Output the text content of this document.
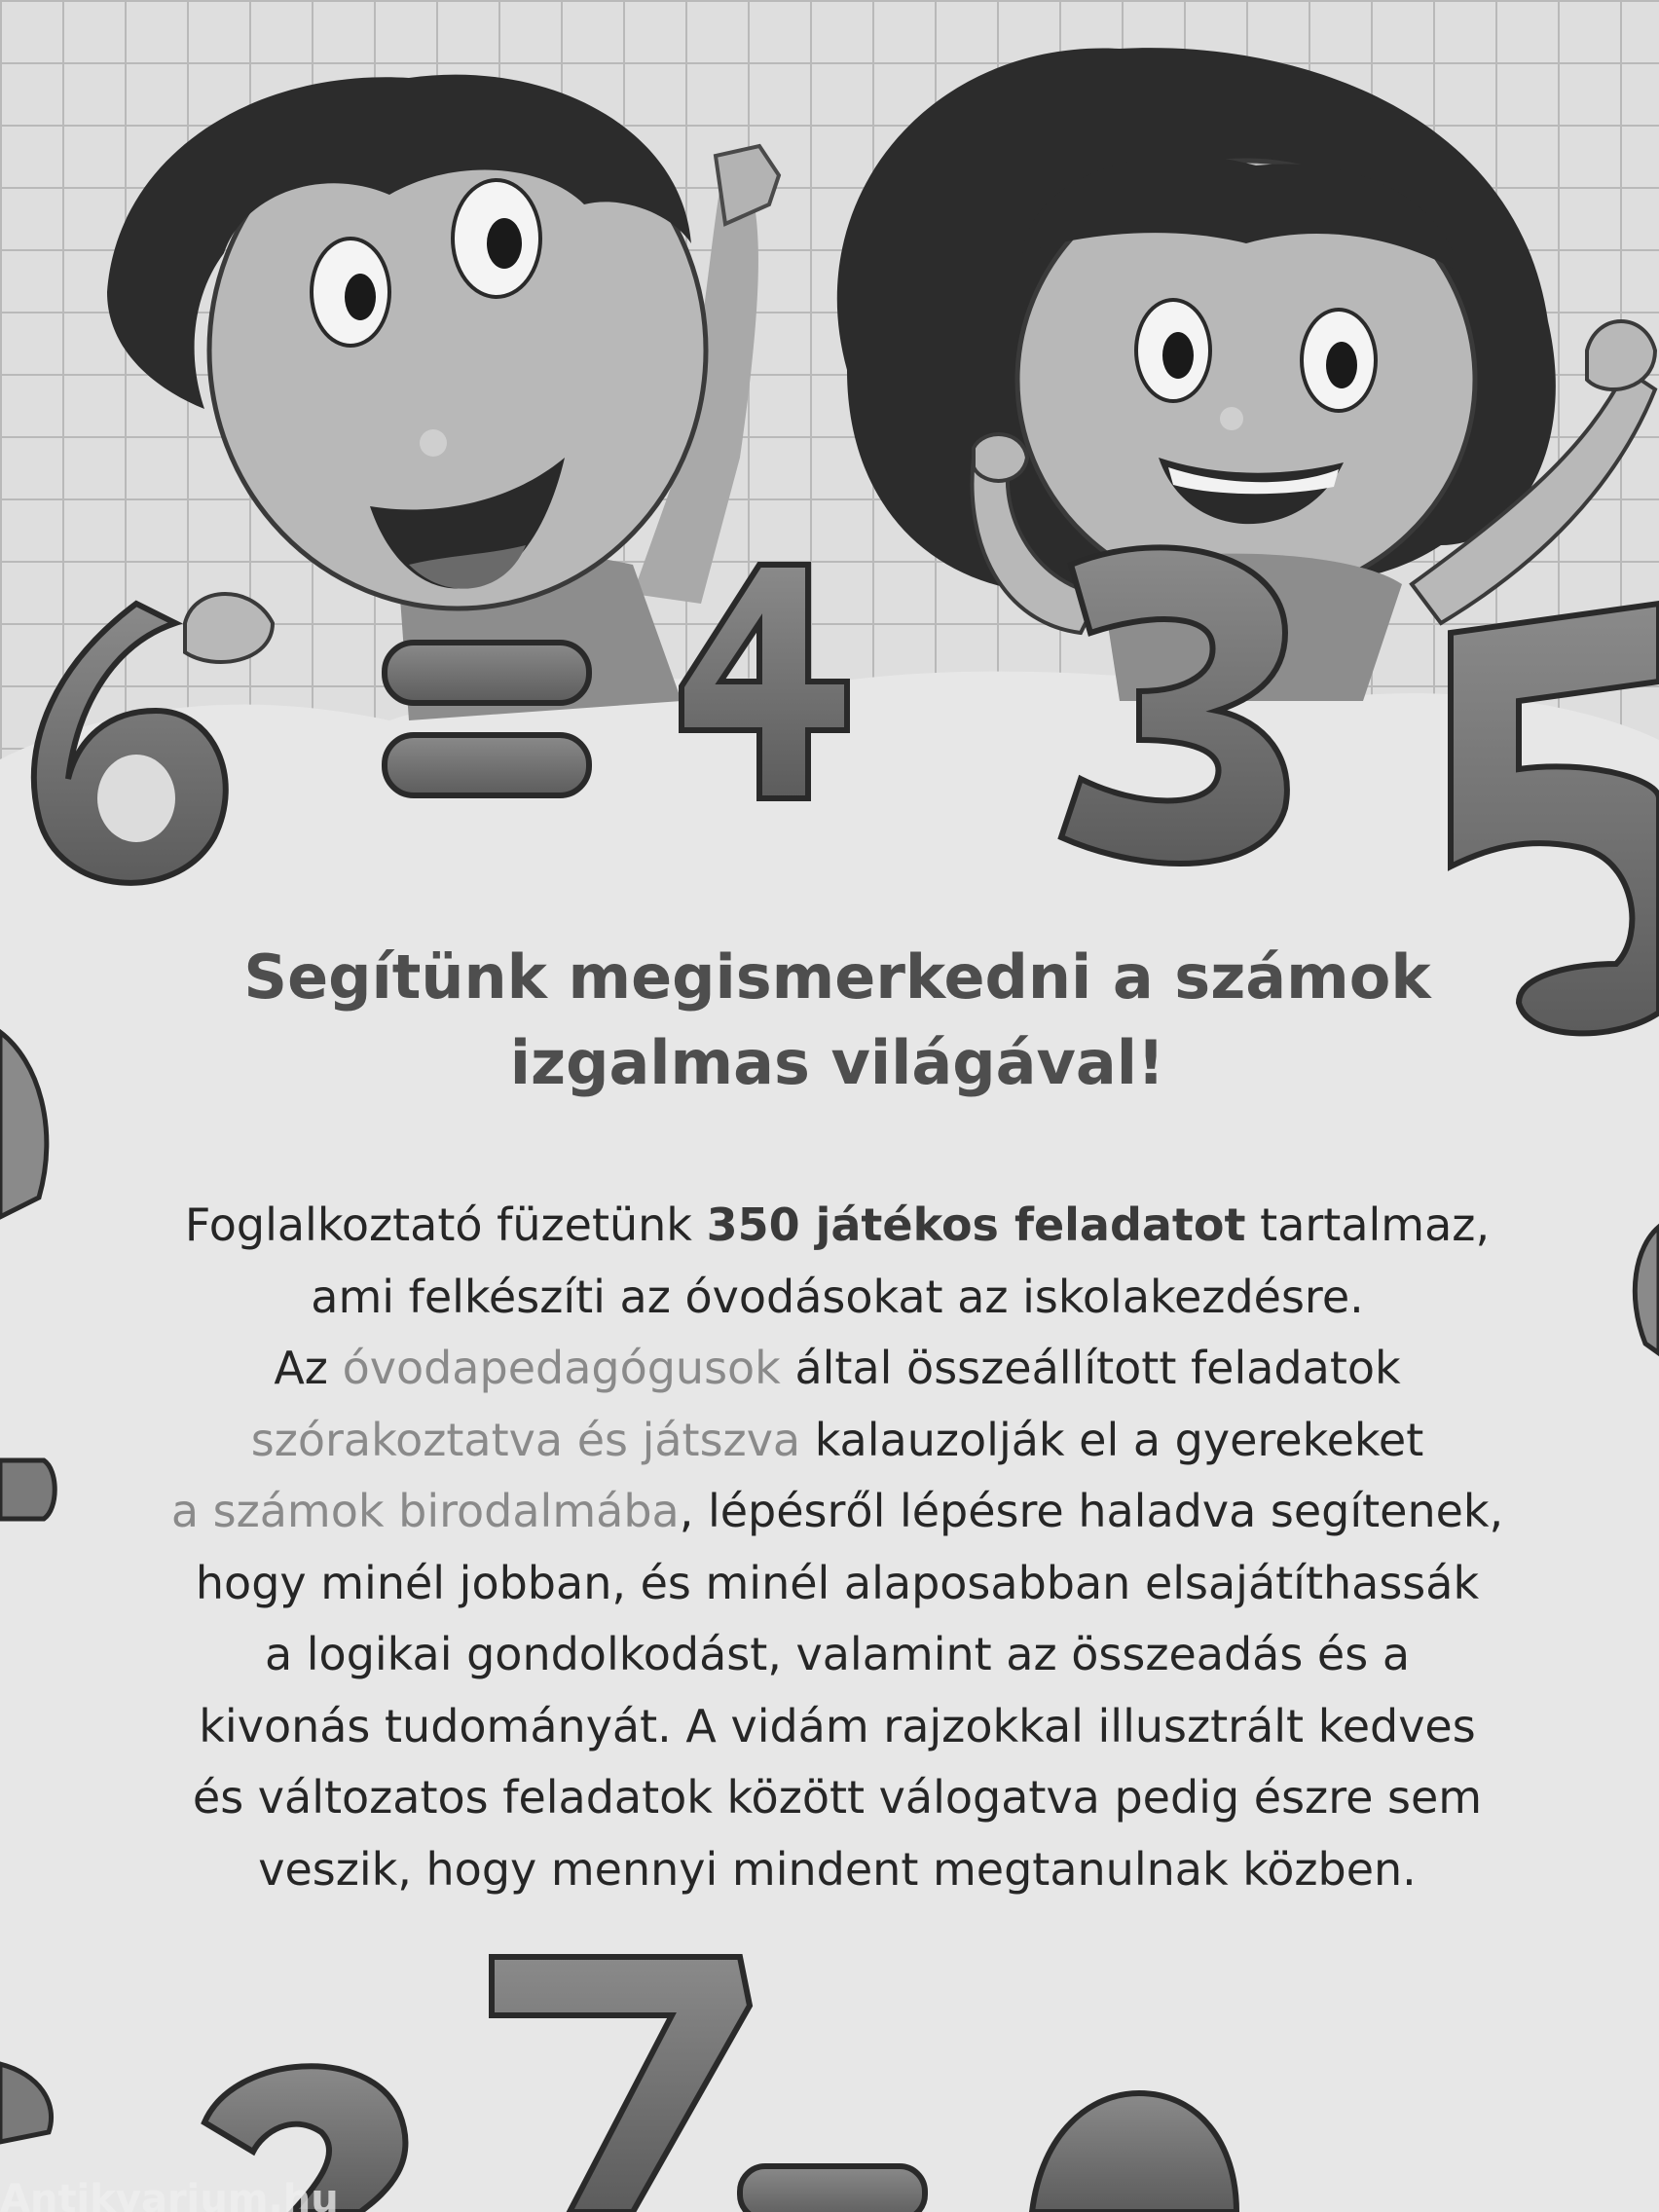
Segítünk megismerkedni a számok
izgalmas világával!
Foglalkoztató füzetünk 350 játékos feladatot tartalmaz,
ami felkészíti az óvodásokat az iskolakezdésre.
Az óvodapedagógusok által összeállított feladatok
szórakoztatva és játszva kalauzolják el a gyerekeket
a számok birodalmába, lépésről lépésre haladva segítenek,
hogy minél jobban, és minél alaposabban elsajátíthassák
a logikai gondolkodást, valamint az összeadás és a
kivonás tudományát. A vidám rajzokkal illusztrált kedves
és változatos feladatok között válogatva pedig észre sem
veszik, hogy mennyi mindent megtanulnak közben.
Antikvarium.hu
